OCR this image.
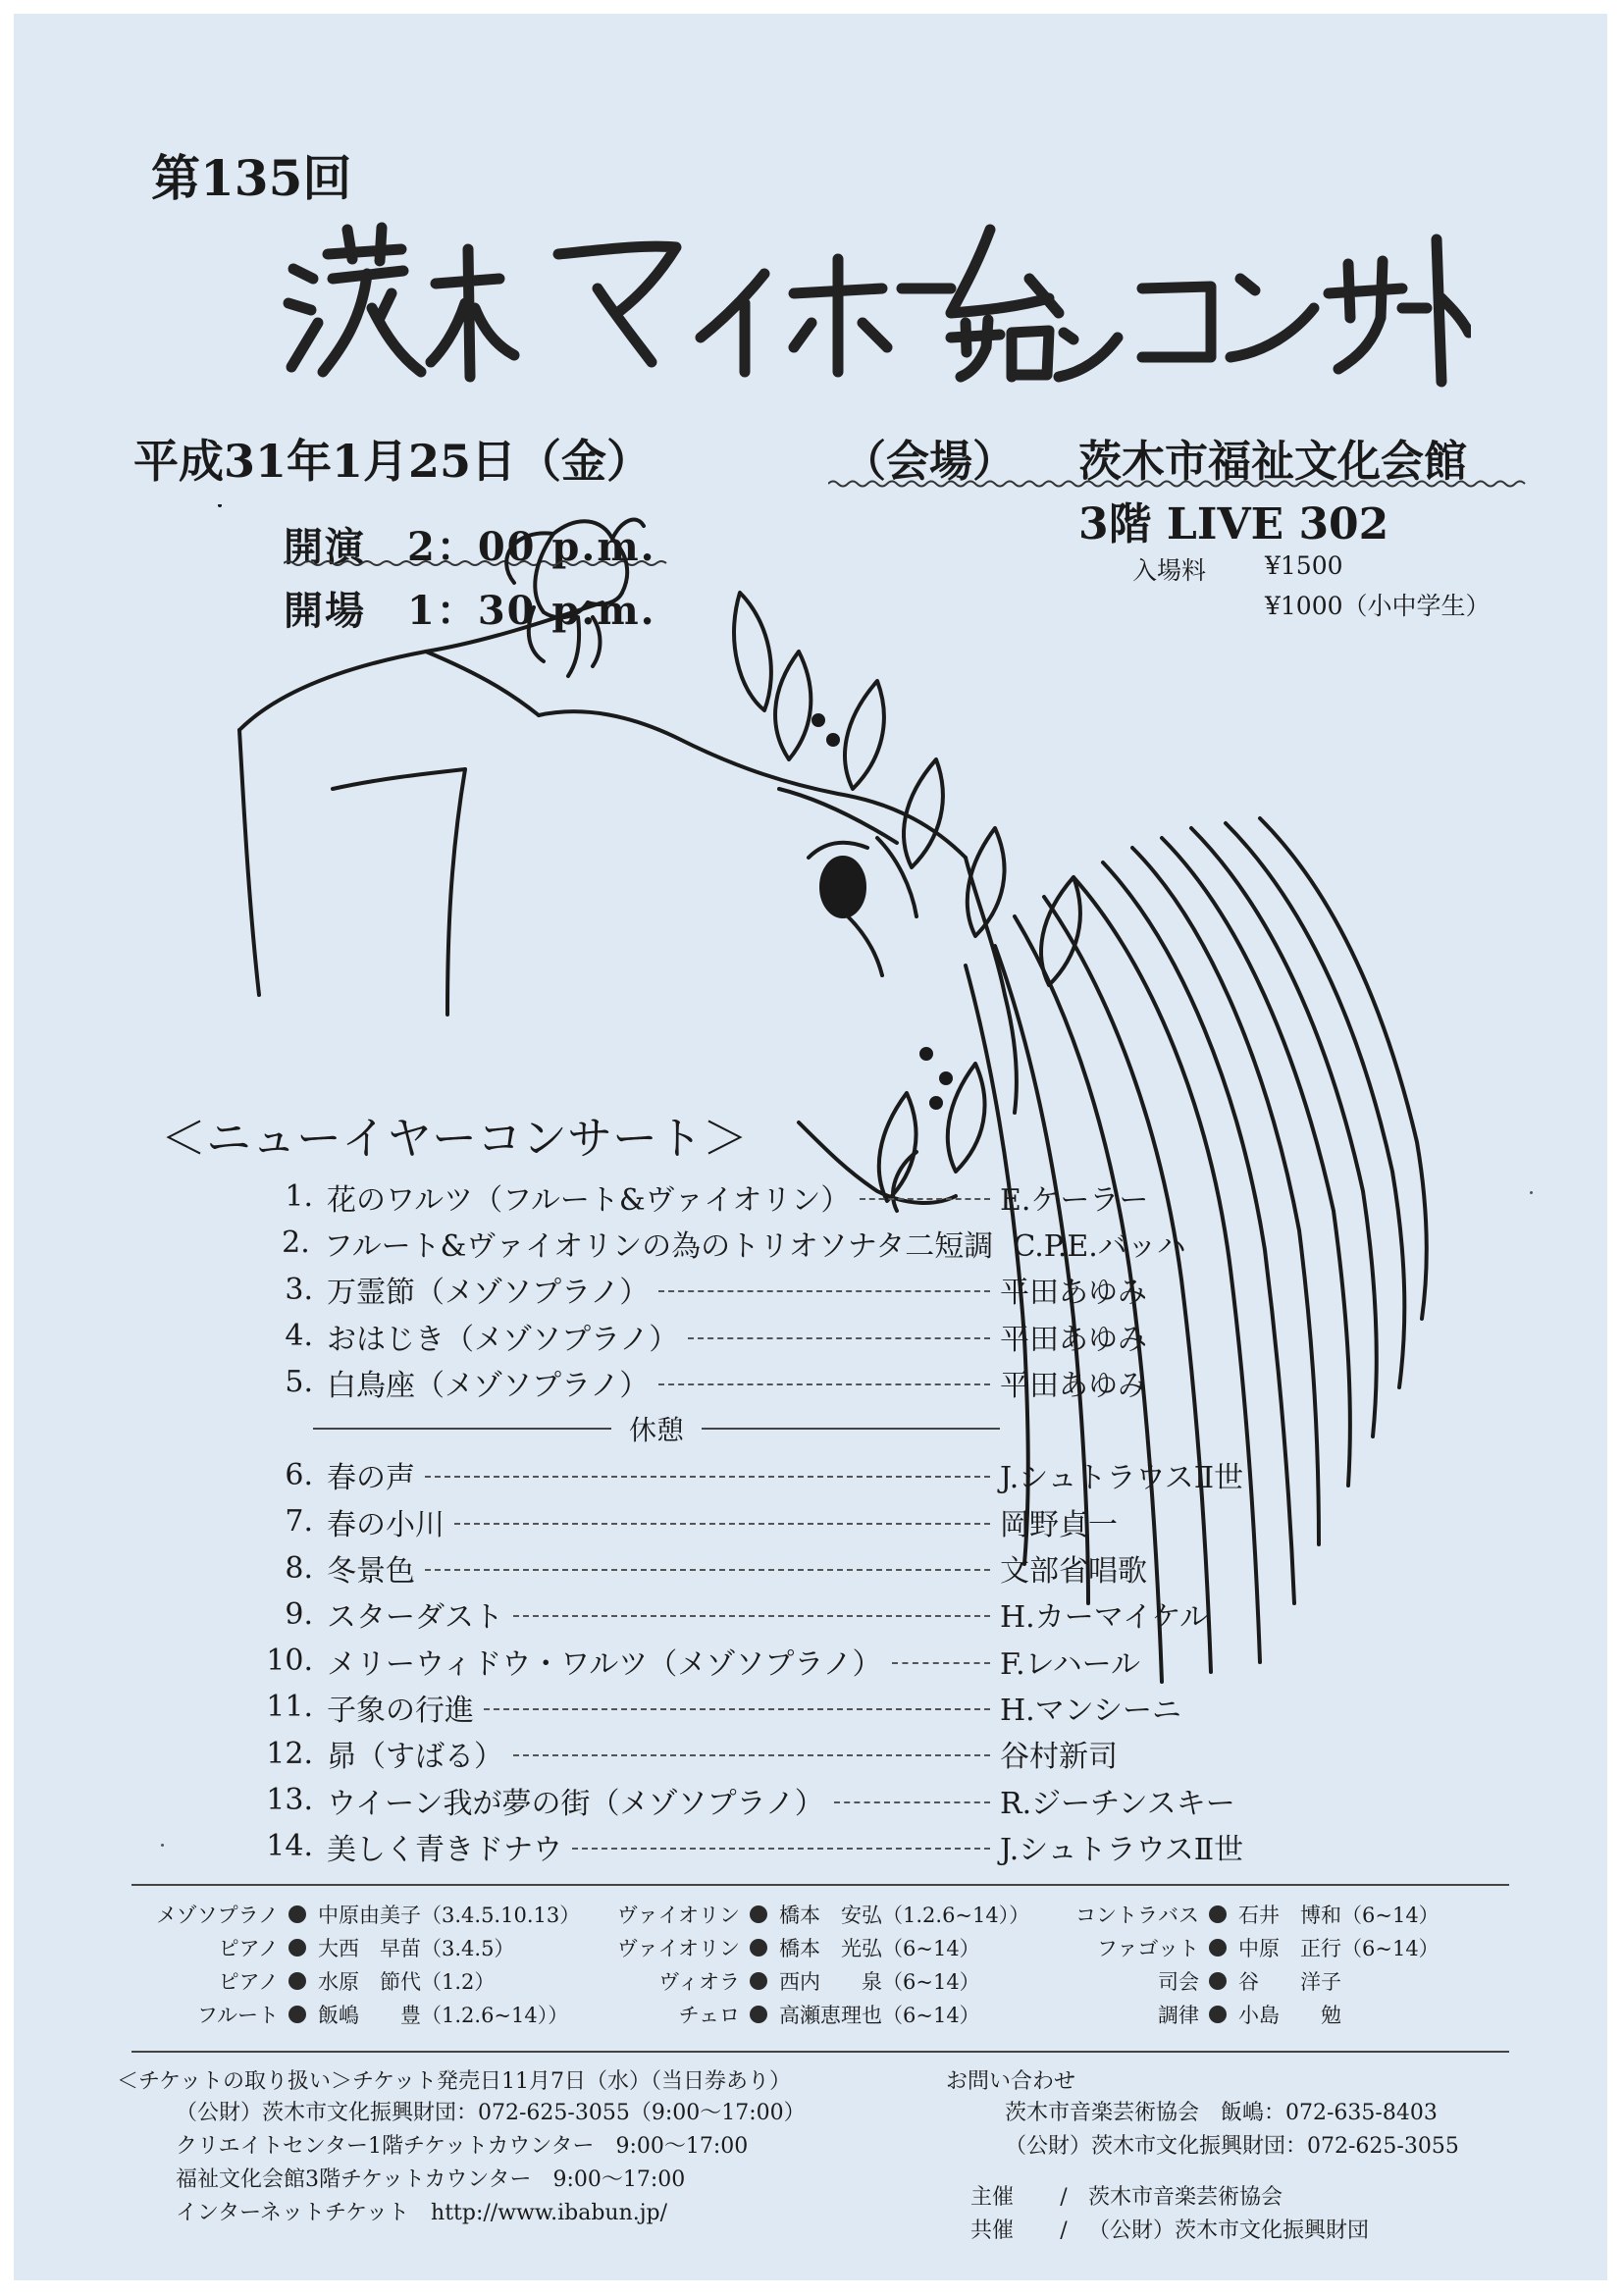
第135回
平成31年1月25日（金）	（会場） 茨木市福祉文化会館
3階 LIVE 302
開演　2：00 p.m.
開場　1：30 p.m.
入場料 ¥1500
¥1000（小中学生）
＜ニューイヤーコンサート＞
1. 花のワルツ（フルート&ヴァイオリン）	E.ケーラー
2. フルート&ヴァイオリンの為のトリオソナタ二短調 C.P.E.バッハ
3. 万霊節（メゾソプラノ）	平田あゆみ
4. おはじき（メゾソプラノ）	平田あゆみ
5. 白鳥座（メゾソプラノ）	平田あゆみ
休憩
6. 春の声	J.シュトラウスⅡ世
7. 春の小川	岡野貞一
8. 冬景色	文部省唱歌
9. スターダスト	H.カーマイケル
10. メリーウィドウ・ワルツ（メゾソプラノ）	F.レハール
11. 子象の行進	H.マンシーニ
12. 昴（すばる）	谷村新司
13. ウイーン我が夢の街（メゾソプラノ）	R.ジーチンスキー
14. 美しく青きドナウ	J.シュトラウスⅡ世
メゾソプラノ 中原由美子（3.4.5.10.13）
ピアノ 大西　早苗（3.4.5）
ピアノ 水原　節代（1.2）
フルート 飯嶋　　豊（1.2.6~14））
ヴァイオリン 橋本　安弘（1.2.6~14））
ヴァイオリン 橋本　光弘（6~14）
ヴィオラ 西内　　泉（6~14）
チェロ 高瀬恵理也（6~14）
コントラバス 石井　博和（6~14）
ファゴット 中原　正行（6~14）
司会 谷　　洋子
調律 小島　　勉
＜チケットの取り扱い＞チケット発売日11月7日（水）（当日券あり）
（公財）茨木市文化振興財団：072-625-3055（9:00～17:00）
クリエイトセンター1階チケットカウンター　9:00～17:00
福祉文化会館3階チケットカウンター　9:00～17:00
インターネットチケット　http://www.ibabun.jp/
お問い合わせ
茨木市音楽芸術協会　飯嶋：072-635-8403
（公財）茨木市文化振興財団：072-625-3055
主催 / 茨木市音楽芸術協会
共催 / （公財）茨木市文化振興財団
